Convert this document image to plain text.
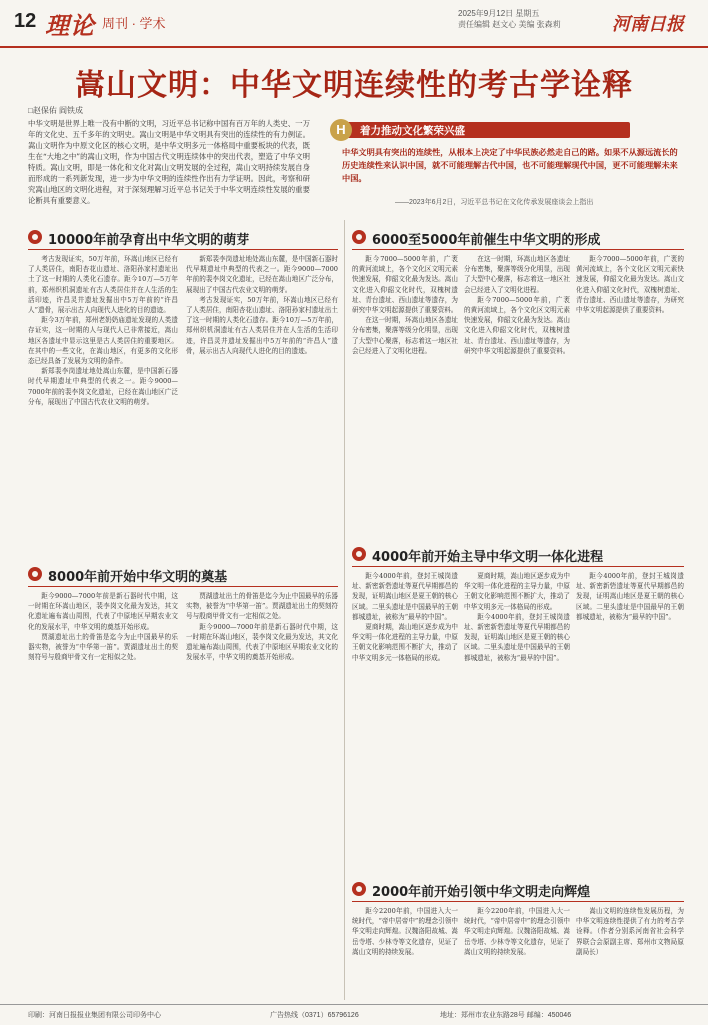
12 理论 周刊 · 学术
2025年9月12日 星期五
责任编辑 赵文心 美编 张森莉	河南日报
嵩山文明：中华文明连续性的考古学诠释
□赵保佑 阎铁成
中华文明是世界上唯一没有中断的文明，习近平总书记称中国有百万年的人类史、一万年的文化史、五千多年的文明史。嵩山文明是中华文明具有突出的连续性的有力例证。嵩山文明作为中原文化区的核心文明，是中华文明多元一体格局中重要板块的代表，既生在“大地之中”的嵩山文明，作为中国古代文明连续体中的突出代表，塑造了中华文明特质。嵩山文明，即是一体化和文化对嵩山文明发展的全过程，嵩山文明持续发展自身而形成的一系列新发现，进一步为中华文明的连续性作出有力学证明。因此，考察和研究嵩山地区的文明化进程，对于深刻理解习近平总书记关于中华文明连续性发展的重要论断具有重要意义。
H	着力推动文化繁荣兴盛
中华文明具有突出的连续性，从根本上决定了中华民族必然走自己的路。如果不从源远流长的历史连续性来认识中国，就不可能理解古代中国，也不可能理解现代中国，更不可能理解未来中国。
——2023年6月2日，习近平总书记在文化传承发展座谈会上指出
10000年前孕育出中华文明的萌芽

考古发现证实，50万年前，环嵩山地区已经有了人类居住，南阳杏花山遗址、洛阳孙家村遗址出土了这一时期的人类化石遗存。距今10万—5万年前，郑州织机洞遗址有古人类居住并在人生活的生活印迹，许昌灵井遗址发掘出中5万年前的“许昌人”遗骨，展示出古人向现代人进化的目的遗迹。

距今3万年前，郑州老奶奶庙遗址发现的人类遗存证实，这一时期的人与现代人已非常接近，嵩山地区各遗址中显示这里是古人类居住的重要地区。在其中的一些文化，在嵩山地区，有更多的文化形态已经具备了发展为文明的条件。

新郑裴李岗遗址地处嵩山东麓，是中国新石器时代早期遗址中典型的代表之一。距今9000—7000年前的裴李岗文化遗址，已经在嵩山地区广泛分布，展现出了中国古代农业文明的萌芽。

新郑裴李岗遗址地处嵩山东麓，是中国新石器时代早期遗址中典型的代表之一。距今9000—7000年前的裴李岗文化遗址，已经在嵩山地区广泛分布，展现出了中国古代农业文明的萌芽。

考古发现证实，50万年前，环嵩山地区已经有了人类居住，南阳杏花山遗址、洛阳孙家村遗址出土了这一时期的人类化石遗存。距今10万—5万年前，郑州织机洞遗址有古人类居住并在人生活的生活印迹，许昌灵井遗址发掘出中5万年前的“许昌人”遗骨，展示出古人向现代人进化的目的遗迹。

8000年前开始中华文明的奠基

距今9000—7000年前是新石器时代中期，这一时期在环嵩山地区，裴李岗文化最为发达，其文化遗址遍布嵩山周围，代表了中原地区早期农业文化的发展水平，中华文明的奠基开始形成。

贾湖遗址出土的骨笛是迄今为止中国最早的乐器实物，被誉为“中华第一笛”。贾湖遗址出土的契刻符号与殷商甲骨文有一定相似之处。

贾湖遗址出土的骨笛是迄今为止中国最早的乐器实物，被誉为“中华第一笛”。贾湖遗址出土的契刻符号与殷商甲骨文有一定相似之处。

距今9000—7000年前是新石器时代中期，这一时期在环嵩山地区，裴李岗文化最为发达，其文化遗址遍布嵩山周围，代表了中原地区早期农业文化的发展水平，中华文明的奠基开始形成。

6000至5000年前催生中华文明的形成

距今7000—5000年前，广袤的黄河流域上，各个文化区文明元素快速发展，仰韶文化最为发达。嵩山文化进入仰韶文化时代，双槐树遗址、青台遗址、西山遗址等遗存，为研究中华文明起源提供了重要资料。

在这一时期，环嵩山地区各遗址分布密集，聚落等级分化明显，出现了大型中心聚落，标志着这一地区社会已经进入了文明化进程。

在这一时期，环嵩山地区各遗址分布密集，聚落等级分化明显，出现了大型中心聚落，标志着这一地区社会已经进入了文明化进程。

距今7000—5000年前，广袤的黄河流域上，各个文化区文明元素快速发展，仰韶文化最为发达。嵩山文化进入仰韶文化时代，双槐树遗址、青台遗址、西山遗址等遗存，为研究中华文明起源提供了重要资料。

距今7000—5000年前，广袤的黄河流域上，各个文化区文明元素快速发展，仰韶文化最为发达。嵩山文化进入仰韶文化时代，双槐树遗址、青台遗址、西山遗址等遗存，为研究中华文明起源提供了重要资料。

4000年前开始主导中华文明一体化进程

距今4000年前，登封王城岗遗址、新密新砦遗址等夏代早期都邑的发现，证明嵩山地区是夏王朝的核心区域。二里头遗址是中国最早的王朝都城遗址，被称为“最早的中国”。

夏商时期，嵩山地区逐步成为中华文明一体化进程的主导力量，中原王朝文化影响范围不断扩大，推动了中华文明多元一体格局的形成。

夏商时期，嵩山地区逐步成为中华文明一体化进程的主导力量，中原王朝文化影响范围不断扩大，推动了中华文明多元一体格局的形成。

距今4000年前，登封王城岗遗址、新密新砦遗址等夏代早期都邑的发现，证明嵩山地区是夏王朝的核心区域。二里头遗址是中国最早的王朝都城遗址，被称为“最早的中国”。

距今4000年前，登封王城岗遗址、新密新砦遗址等夏代早期都邑的发现，证明嵩山地区是夏王朝的核心区域。二里头遗址是中国最早的王朝都城遗址，被称为“最早的中国”。

2000年前开始引领中华文明走向辉煌

距今2200年前，中国进入大一统时代，“帝中居帝中”的理念引领中华文明走向辉煌。汉魏洛阳故城、嵩岳寺塔、少林寺等文化遗存，见证了嵩山文明的持续发展。

距今2200年前，中国进入大一统时代，“帝中居帝中”的理念引领中华文明走向辉煌。汉魏洛阳故城、嵩岳寺塔、少林寺等文化遗存，见证了嵩山文明的持续发展。

嵩山文明的连续性发展历程，为中华文明连续性提供了有力的考古学诠释。（作者分别系河南省社会科学界联合会原副主席、郑州市文物局原副局长）

印刷：河南日报报业集团有限公司印务中心	广告热线（0371）65796126	地址：郑州市农业东路28号 邮编：450046
